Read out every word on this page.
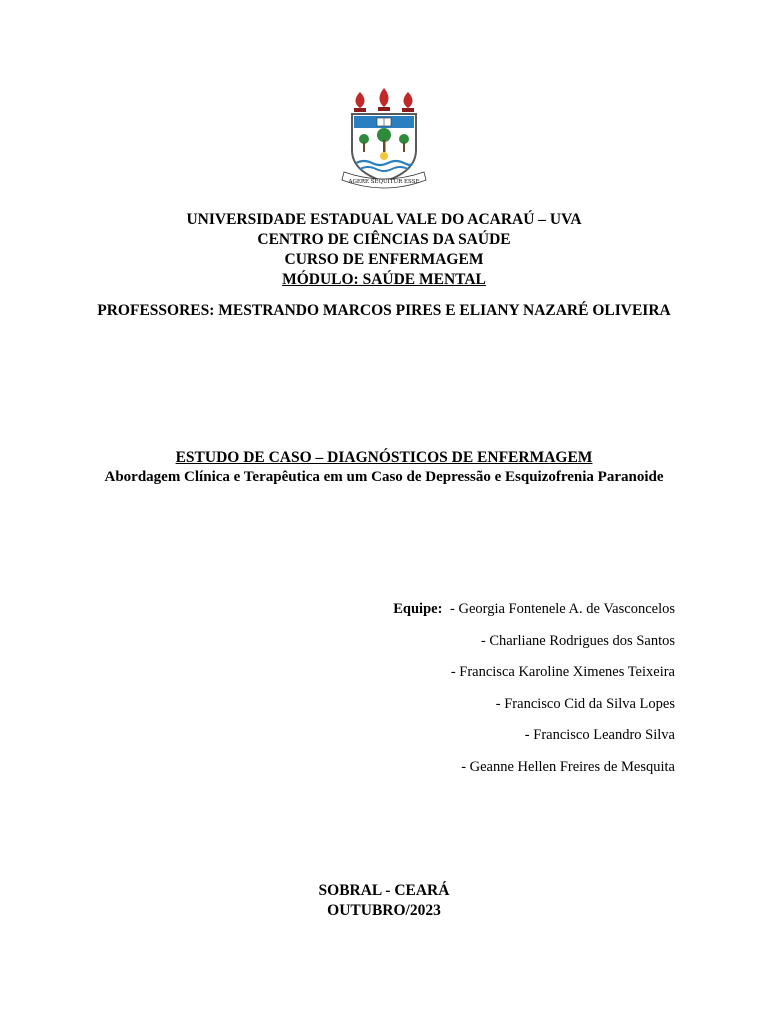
AGERE SEQUITUR ESSE
UNIVERSIDADE ESTADUAL VALE DO ACARAÚ – UVA
CENTRO DE CIÊNCIAS DA SAÚDE
CURSO DE ENFERMAGEM
MÓDULO: SAÚDE MENTAL
PROFESSORES: MESTRANDO MARCOS PIRES E ELIANY NAZARÉ OLIVEIRA
ESTUDO DE CASO – DIAGNÓSTICOS DE ENFERMAGEM
Abordagem Clínica e Terapêutica em um Caso de Depressão e Esquizofrenia Paranoide
Equipe: - Georgia Fontenele A. de Vasconcelos
- Charliane Rodrigues dos Santos
- Francisca Karoline Ximenes Teixeira
- Francisco Cid da Silva Lopes
- Francisco Leandro Silva
- Geanne Hellen Freires de Mesquita
SOBRAL - CEARÁ
OUTUBRO/2023
